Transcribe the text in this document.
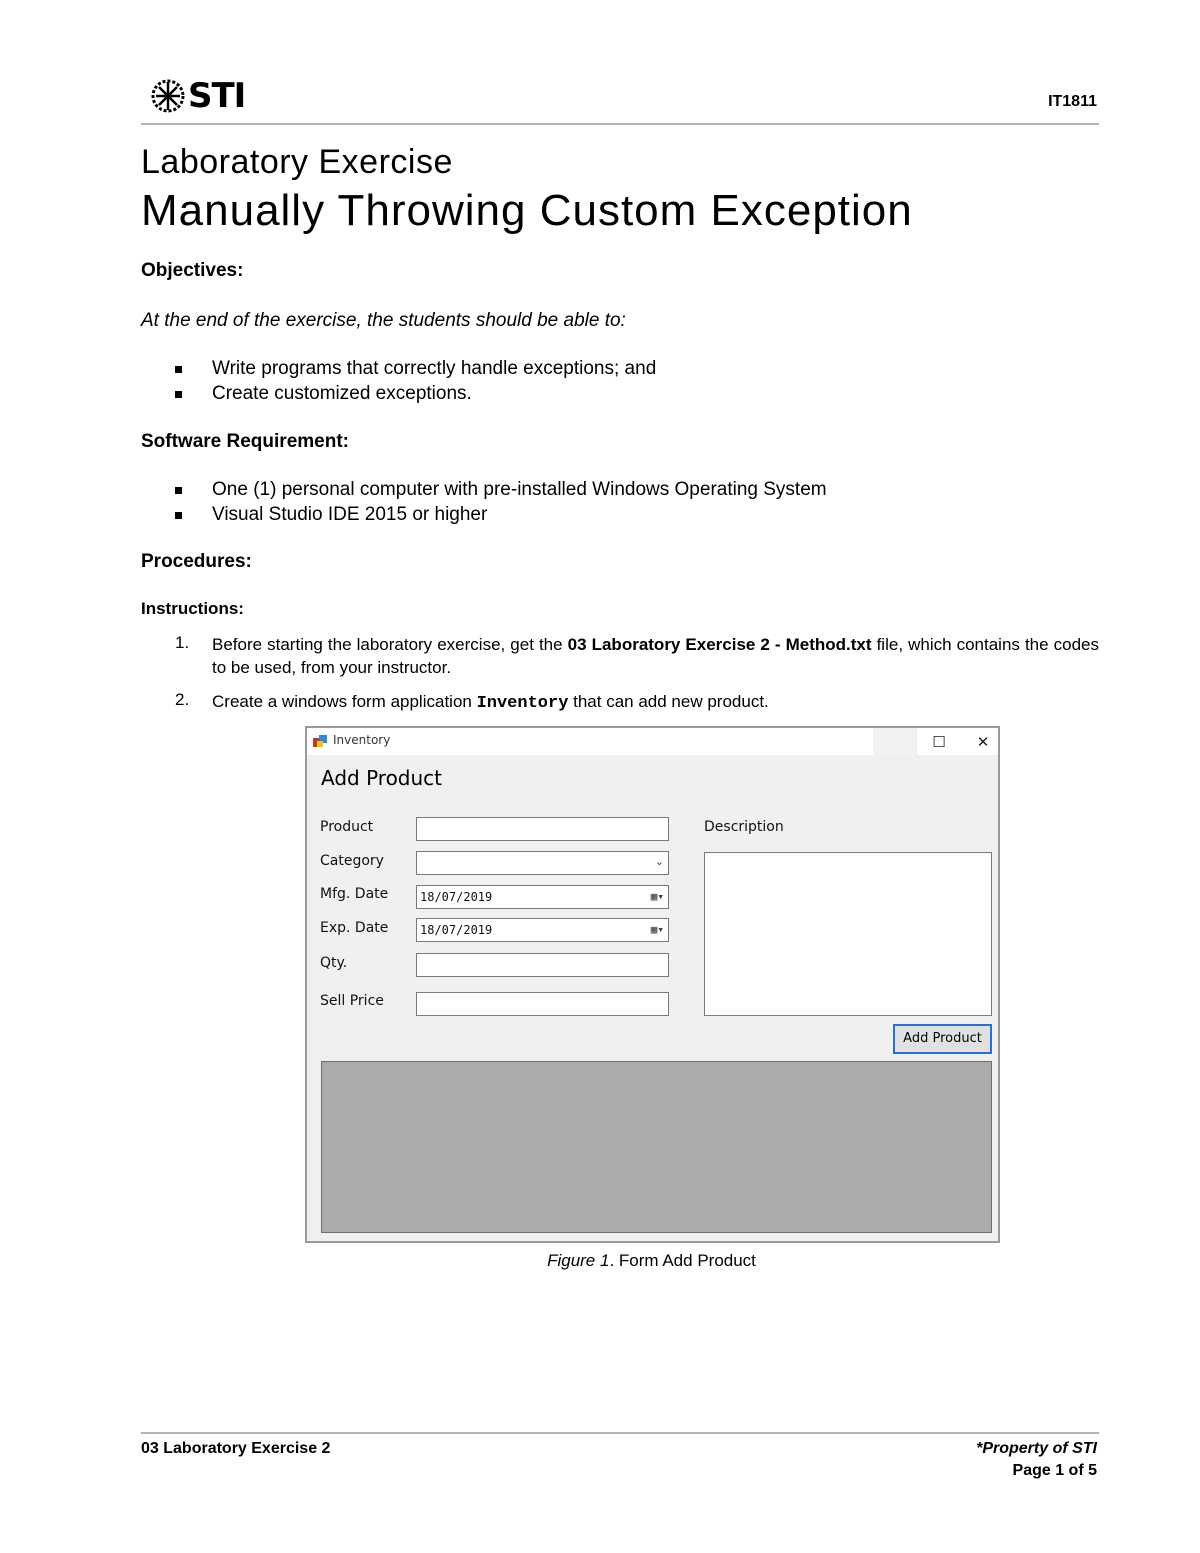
STI	IT1811
Laboratory Exercise
Manually Throwing Custom Exception
Objectives:
At the end of the exercise, the students should be able to:
Write programs that correctly handle exceptions; and
Create customized exceptions.
Software Requirement:
One (1) personal computer with pre-installed Windows Operating System
Visual Studio IDE 2015 or higher
Procedures:
Instructions:
1.	Before starting the laboratory exercise, get the 03 Laboratory Exercise 2 - Method.txt file, which contains the codes to be used, from your instructor.
2.	Create a windows form application Inventory that can add new product.
Inventory	☐	✕
Add Product
Product
Category	⌄
Mfg. Date	18/07/2019	▦▾
Exp. Date	18/07/2019	▦▾
Qty.
Sell Price
Description
Add Product
Figure 1. Form Add Product
03 Laboratory Exercise 2	*Property of STI
Page 1 of 5
